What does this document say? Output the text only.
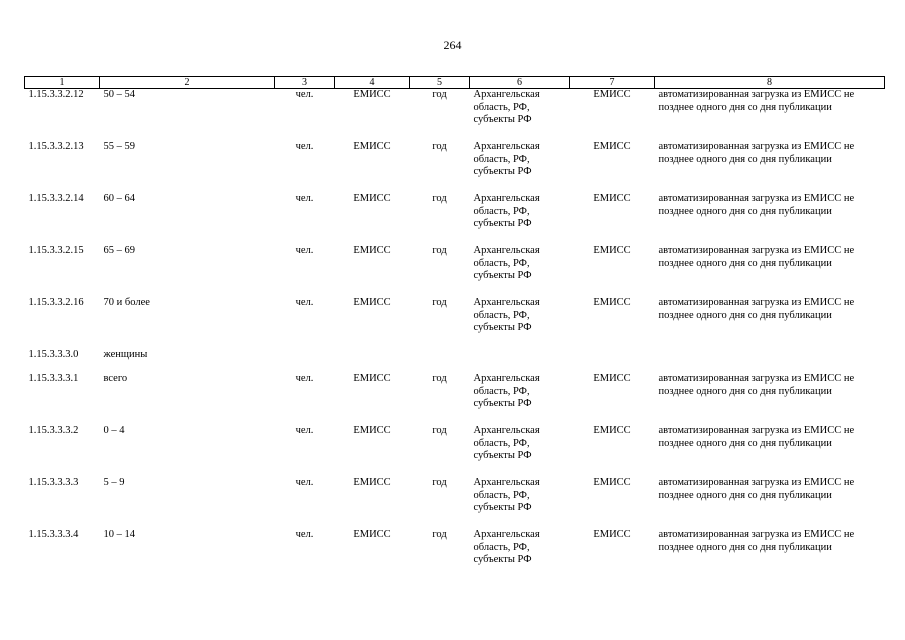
264
1	2	3	4	5	6	7	8
1.15.3.3.2.12	50 – 54	чел.	ЕМИСС	год	Архангельская область, РФ, субъекты РФ	ЕМИСС	автоматизированная загрузка из ЕМИСС не позднее одного дня со дня публикации
1.15.3.3.2.13	55 – 59	чел.	ЕМИСС	год	Архангельская область, РФ, субъекты РФ	ЕМИСС	автоматизированная загрузка из ЕМИСС не позднее одного дня со дня публикации
1.15.3.3.2.14	60 – 64	чел.	ЕМИСС	год	Архангельская область, РФ, субъекты РФ	ЕМИСС	автоматизированная загрузка из ЕМИСС не позднее одного дня со дня публикации
1.15.3.3.2.15	65 – 69	чел.	ЕМИСС	год	Архангельская область, РФ, субъекты РФ	ЕМИСС	автоматизированная загрузка из ЕМИСС не позднее одного дня со дня публикации
1.15.3.3.2.16	70 и более	чел.	ЕМИСС	год	Архангельская область, РФ, субъекты РФ	ЕМИСС	автоматизированная загрузка из ЕМИСС не позднее одного дня со дня публикации
1.15.3.3.3.0	женщины						
1.15.3.3.3.1	всего	чел.	ЕМИСС	год	Архангельская область, РФ, субъекты РФ	ЕМИСС	автоматизированная загрузка из ЕМИСС не позднее одного дня со дня публикации
1.15.3.3.3.2	0 – 4	чел.	ЕМИСС	год	Архангельская область, РФ, субъекты РФ	ЕМИСС	автоматизированная загрузка из ЕМИСС не позднее одного дня со дня публикации
1.15.3.3.3.3	5 – 9	чел.	ЕМИСС	год	Архангельская область, РФ, субъекты РФ	ЕМИСС	автоматизированная загрузка из ЕМИСС не позднее одного дня со дня публикации
1.15.3.3.3.4	10 – 14	чел.	ЕМИСС	год	Архангельская область, РФ, субъекты РФ	ЕМИСС	автоматизированная загрузка из ЕМИСС не позднее одного дня со дня публикации
